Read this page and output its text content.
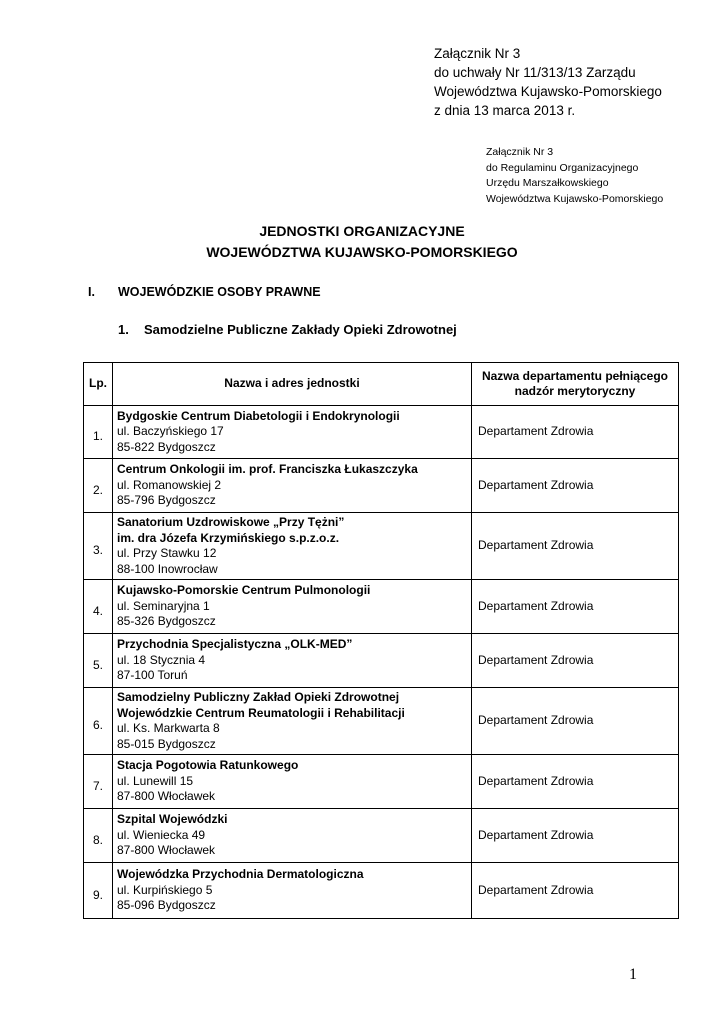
Załącznik Nr 3
do uchwały Nr 11/313/13 Zarządu
Województwa Kujawsko-Pomorskiego
z dnia 13 marca 2013 r.
Załącznik Nr 3
do Regulaminu Organizacyjnego
Urzędu Marszałkowskiego
Województwa Kujawsko-Pomorskiego
JEDNOSTKI ORGANIZACYJNE
WOJEWÓDZTWA KUJAWSKO-POMORSKIEGO
I. WOJEWÓDZKIE OSOBY PRAWNE
1. Samodzielne Publiczne Zakłady Opieki Zdrowotnej
Lp.	Nazwa i adres jednostki	Nazwa departamentu pełniącego
nadzór merytoryczny

1.	Bydgoskie Centrum Diabetologii i Endokrynologii
ul. Baczyńskiego 17
85-822 Bydgoszcz	Departament Zdrowia
2.	Centrum Onkologii im. prof. Franciszka Łukaszczyka
ul. Romanowskiej 2
85-796 Bydgoszcz	Departament Zdrowia
3.	Sanatorium Uzdrowiskowe „Przy Tężni”
im. dra Józefa Krzymińskiego s.p.z.o.z.
ul. Przy Stawku 12
88-100 Inowrocław	Departament Zdrowia
4.	Kujawsko-Pomorskie Centrum Pulmonologii
ul. Seminaryjna 1
85-326 Bydgoszcz	Departament Zdrowia
5.	Przychodnia Specjalistyczna „OLK-MED”
ul. 18 Stycznia 4
87-100 Toruń	Departament Zdrowia
6.	Samodzielny Publiczny Zakład Opieki Zdrowotnej
Wojewódzkie Centrum Reumatologii i Rehabilitacji
ul. Ks. Markwarta 8
85-015 Bydgoszcz	Departament Zdrowia
7.	Stacja Pogotowia Ratunkowego
ul. Lunewill 15
87-800 Włocławek	Departament Zdrowia
8.	Szpital Wojewódzki
ul. Wieniecka 49
87-800 Włocławek	Departament Zdrowia
9.	Wojewódzka Przychodnia Dermatologiczna
ul. Kurpińskiego 5
85-096 Bydgoszcz	Departament Zdrowia
1
